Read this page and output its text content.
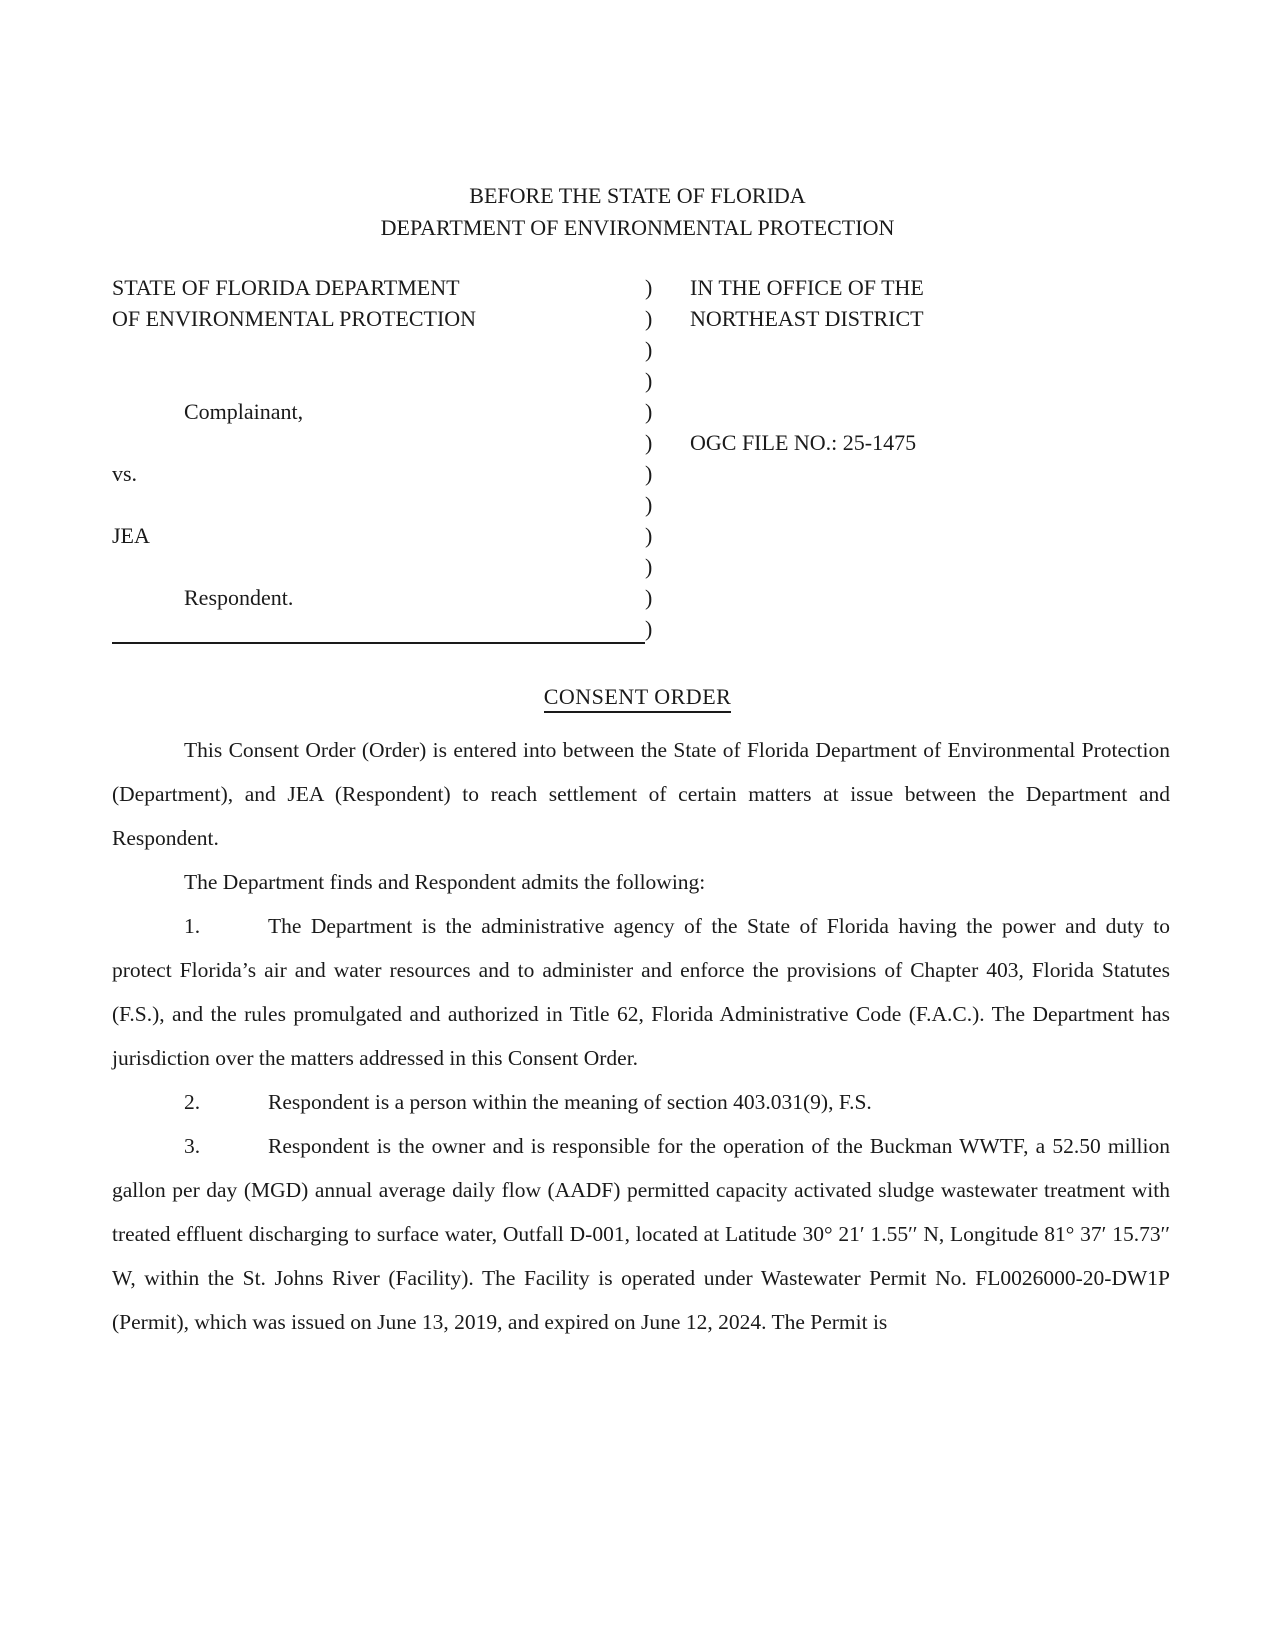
BEFORE THE STATE OF FLORIDA
DEPARTMENT OF ENVIRONMENTAL PROTECTION
STATE OF FLORIDA DEPARTMENT	)	IN THE OFFICE OF THE
OF ENVIRONMENTAL PROTECTION	)	NORTHEAST DISTRICT
)
)
Complainant,	)
)	OGC FILE NO.: 25-1475
vs.	)
)
JEA	)
)
Respondent.	)
)
CONSENT ORDER

This Consent Order (Order) is entered into between the State of Florida Department of Environmental Protection (Department), and JEA (Respondent) to reach settlement of certain matters at issue between the Department and Respondent.

The Department finds and Respondent admits the following:

1.	The Department is the administrative agency of the State of Florida having the power and duty to protect Florida’s air and water resources and to administer and enforce the provisions of Chapter 403, Florida Statutes (F.S.), and the rules promulgated and authorized in Title 62, Florida Administrative Code (F.A.C.). The Department has jurisdiction over the matters addressed in this Consent Order.

2.	Respondent is a person within the meaning of section 403.031(9), F.S.

3.	Respondent is the owner and is responsible for the operation of the Buckman WWTF, a 52.50 million gallon per day (MGD) annual average daily flow (AADF) permitted capacity activated sludge wastewater treatment with treated effluent discharging to surface water, Outfall D-001, located at Latitude 30° 21′ 1.55′′ N, Longitude 81° 37′ 15.73′′ W, within the St. Johns River (Facility). The Facility is operated under Wastewater Permit No. FL0026000-20-DW1P (Permit), which was issued on June 13, 2019, and expired on June 12, 2024. The Permit is
